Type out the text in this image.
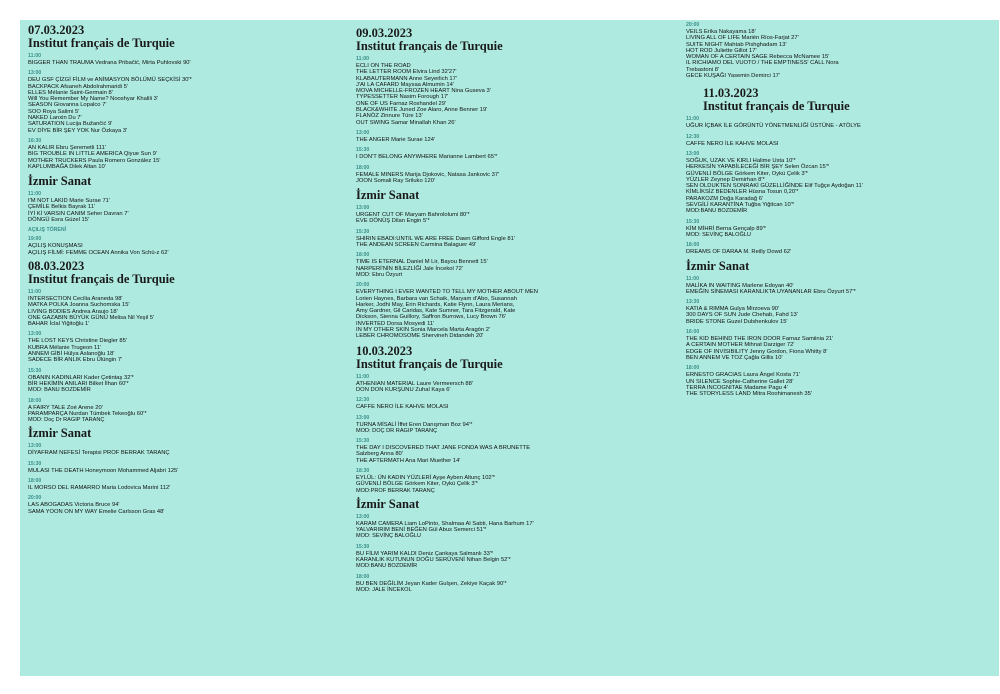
07.03.2023
Institut français de Turquie
11:00
BIGGER THAN TRAUMA Vedrana Pribačić, Mirta Puhlovski 90'
13:00
DEU GSF ÇİZGİ FİLM ve ANİMASYON BÖLÜMÜ SEÇKİSİ 30'*
BACKPACK Afsaneh Abdolrahmaridi 5'
ELLES Mélanie Saint-Germain 8'
Will You Remember My Name? Nooshyar Khalili 3'
SEASON Giovanna Lopalco 7'
SOO Roya Salimi 5'
NAKED Lanxin Du 7'
SATURATION Lucija Bužančić 9'
EV DİYE BİR ŞEY YOK Nur Özkaya 3'
16:30
AN KALIR Ebru Şeremetli 111'
BIG TROUBLE IN LITTLE AMERICA Qiyue Sun 9'
MOTHER TRUCKERS Paula Romero González 15'
KAPLUMBAĞA Dilek Altan 10'
İzmir Sanat
11:00
I'M NOT LAKID Marie Surae 71'
ÇEMİLE Belkis Bayrak 11'
İYİ Kİ VARSIN CANIM Seher Davran 7'
DÖNGÜ Esra Güzel 15'
AÇILIŞ TÖRENİ
19:00
AÇILIŞ KONUŞMASI
AÇILIŞ FİLMİ: FEMME OCEAN Annika Von Schü-z 62'
08.03.2023
Institut français de Turquie
11:00
INTERSECTION Cecilia Araneda 98'
MATKA POLKA Joanna Suchomska 15'
LIVING BODIES Andrea Araujo 18'
ONE GAZABIN BÜYÜK GÜNÜ Melisa Nil Yeşil 5'
BAHAR İclal Yiğitoğlu 1'
13:00
THE LOST KEYS Christine Diegler 85'
KUBRA Mélanie Trugeon 11'
ANNEM GİBİ Hülya Aslanoğlu 18'
SADECE BİR ANLIK Ebru Ülüngin 7'
15:30
OBANIN KADINLARI Kader Çetintaş 32'*
BİR HEKİMİN ANILARI Bilket İlhan 60'*
MOD: BANU BOZDEMİR
18:00
A FAIRY TALE Zoé Arene 20'
PARAMPARÇA Nurdan Tümbek Tekeoğlu 60'*
MOD: Doç Dr RAGIP TARANÇ
İzmir Sanat
13:00
DİYAFRAM NEFESİ Terapisi PROF BERRAK TARANÇ
15:30
MULASI THE DEATH Honeymoon Mohammed Aljabri 125'
18:00
IL MORSO DEL RAMARRO Maria Lodovica Marini 112'
20:00
LAS ABOGADAS Victoria Bruce 94'
SAMA YOON ON MY WAY Emelie Carlsson Gras 48'
09.03.2023
Institut français de Turquie
11:00
ECLI ON THE ROAD
THE LETTER ROOM Elvira Lind 32'27'
KLABAUTERMANN Anne Seyerlich 17'
J'AI LA CAFARD Maysaa Almumin 14'
MOVA MICHELLE-FROZEN HEART Nina Guseva 3'
TYPESSETTER Nasim Forough 17'
ONE OF US Farnaz Roshandel 29'
BLACK&WHITE Juned Zoe Alaro, Anne Benner 19'
FLANÖZ Zinnure Türe 13'
OUT SWING Samar Minallah Khan 26'
13:00
THE ANGER Marie Surae 124'
15:30
I DON'T BELONG ANYWHERE Marianne Lambert 65'*
18:00
FEMALE MINERS Marija Djokovic, Natasa Jankovic 37'
JOON Somali Ray Sriluko 120'
İzmir Sanat
13:00
URGENT CUT OF Maryam Bahrololumi 80'*
EVE DÖNÜŞ Dilan Engin 5'*
15:30
SHIRIN EBADI:UNTIL WE ARE FREE Dawn Gifford Engle 81'
THE ANDEAN SCREEN Carmina Balaguer 49'
18:00
TIME IS ETERNAL Daniel M Lir, Bayou Bennett 15'
NARPERİ'NİN BİLEZLİĞİ Jale İncekol 72'
MOD: Ebru Özyurt
20:00
EVERYTHING I EVER WANTED TO TELL MY MOTHER ABOUT MEN
Lorien Haynes, Barbara van Schaik, Maryam d'Abo, Susannah
Harker, Jodhi May, Erin Richards, Katie Flynn, Laura Merians,
Amy Gardner, Gil Caridas, Kate Sumner, Tara Fitzgerald, Kate
Dickson, Sienna Guillory, Saffron Burrows, Lucy Brown 76'
INVERTED Dorsa Mosyedi 11'
IN MY OTHER SKIN Sonia Marcela Marta Aragón 2'
LEBER CHROMOSOME Shervineh Didandeh 20'
10.03.2023
Institut français de Turquie
11:00
ATHENIAN MATERIAL Laure Vermeersch 88'
DON DON KURŞUNU Zuhal Kaya 6'
12:30
CAFFE NERO İLE KAHVE MOLASI
13:00
TURNA MİSALİ İffet Eren Danışman Boz 94'*
MOD: DOÇ DR RAGIP TARANÇ
15:30
THE DAY I DISCOVERED THAT JANE FONDA WAS A BRUNETTE
Salzberg Anna 80'
THE AFTERMATH Ana Mari Muether 14'
18:30
EYLÜL: ÜN KADIN YÜZLERİ Ayşe Ayben Altunç 102'*
GÜVENLİ BÖLGE Görkem Kiter, Oykü Çelik 3'*
MOD:PROF BERRAK TARANÇ
İzmir Sanat
13:00
KARAM CAMERA Liam LoPinto, Shalmaa Al Sabti, Hana Barhum 17'
YALVARIRIM BENİ BEĞEN Gül Abus Semerci 51'*
MOD: SEVİNÇ BALOĞLU
15:30
BU FİLM YARIM KALDI Deniz Çankaya Salmanlı 33'*
KARANLIK KUTUNUN DOĞU SERÜVENİ Nihan Belgin 52'*
MOD:BANU BOZDEMİR
18:00
BU BEN DEĞİLİM Jeyan Kader Gulşen, Zekiye Kaçak 90'*
MOD: JALE İNCEKOL
20:00
VEILS Erika Nakayama 18'
LIVING ALL OF LIFE Marién Ríos-Farjat 27'
SUITE NIGHT Mahtab Pishghadam 13'
HOT ROD Juliette Gillot 17'
WOMAN OF A CERTAIN SAGE Rebecca McNamee 15'
IL RICHIAMO DEL VUOTO / THE EMPTINESS' CALL Nora
Trebastoni 8'
GECE KUŞAĞI Yasemin Demirci 17'
11.03.2023
Institut français de Turquie
11:00
UĞUR İÇBAK İLE GÖRÜNTÜ YÖNETMENLİĞİ ÜSTÜNE - ATÖLYE
12:30
CAFFE NERO İLE KAHVE MOLASI
13:00
SOĞUK, UZAK VE KIRLI Halime Usta 10'*
HERKESİN YAPABİLECEĞİ BİR ŞEY Selen Özcan 15'*
GÜVENLİ BÖLGE Görkem Kiter, Oykü Çelik 3'*
YÜZLER Zeynep Demirhan 8'*
SEN OLDUKTEN SONRAKİ GÜZELLİĞİNDE Elif Tuğçe Aydoğan 11'
KİMLİKSİZ BEDENLER Hüsna Tosun 0,20'*
PARAKOZM Doğa Karadağ 6'
SEVGİLİ KARANTİNA Tuğba Yiğitcan 10'*
MOD:BANU BOZDEMİR
15:30
KİM MİHRİ Berna Gençalp 89'*
MOD: SEVİNÇ BALOĞLU
18:00
DREAMS OF DARAA M. Reilly Dowd 62'
İzmir Sanat
11:00
MALİKA IN WAITING Marlene Edoyan 40'
EMEĞİN SİNEMASI KARANLIKTA UYANANLAR Ebru Özyurt 57'*
13:30
KATIA & RIMMA Gulya Mirzoeva 90'
300 DAYS OF SUN Jude Chehab, Fahd 13'
BRIDE STONE Guzel Dulshenkulov 15'
16:00
THE KID BEHIND THE IRON DOOR Farnaz Samiinia 21'
A CERTAIN MOTHER Mihnat Darziger 72'
EDGE OF INVISIBILITY Jenny Gordon, Fiona Whitty 8'
BEN ANNEM VE TOZ Çağla Gillis 10'
18:00
ERNESTO GRACIAS Laura Ángel Kosta 71'
UN SILENCE Sophie-Catherine Gallet 28'
TERRA INCOGNITAE Madame Pagu 4'
THE STORYLESS LAND Mitra Roohimanesh 35'
